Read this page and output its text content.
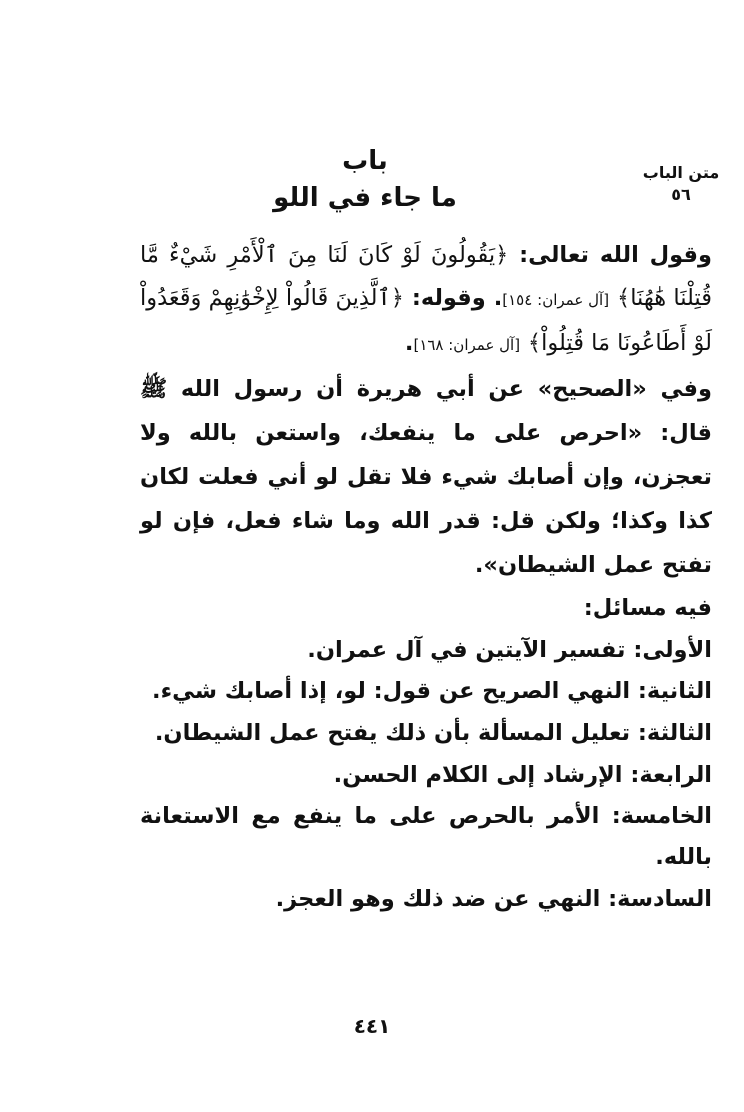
متن الباب
٥٦
باب
ما جاء في اللو

وقول الله تعالى: ﴿يَقُولُونَ لَوْ كَانَ لَنَا مِنَ ٱلْأَمْرِ شَيْءٌ مَّا قُتِلْنَا هَٰهُنَا﴾ [آل عمران: ١٥٤]. وقوله: ﴿ٱلَّذِينَ قَالُواْ لِإِخْوَٰنِهِمْ وَقَعَدُواْ لَوْ أَطَاعُونَا مَا قُتِلُواْ﴾ [آل عمران: ١٦٨].

وفي «الصحيح» عن أبي هريرة أن رسول الله ﷺ قال: «احرص على ما ينفعك، واستعن بالله ولا تعجزن، وإن أصابك شيء فلا تقل لو أني فعلت لكان كذا وكذا؛ ولكن قل: قدر الله وما شاء فعل، فإن لو تفتح عمل الشيطان».

فيه مسائل:

الأولى: تفسير الآيتين في آل عمران.

الثانية: النهي الصريح عن قول: لو، إذا أصابك شيء.

الثالثة: تعليل المسألة بأن ذلك يفتح عمل الشيطان.

الرابعة: الإرشاد إلى الكلام الحسن.

الخامسة: الأمر بالحرص على ما ينفع مع الاستعانة بالله.

السادسة: النهي عن ضد ذلك وهو العجز.

٤٤١
